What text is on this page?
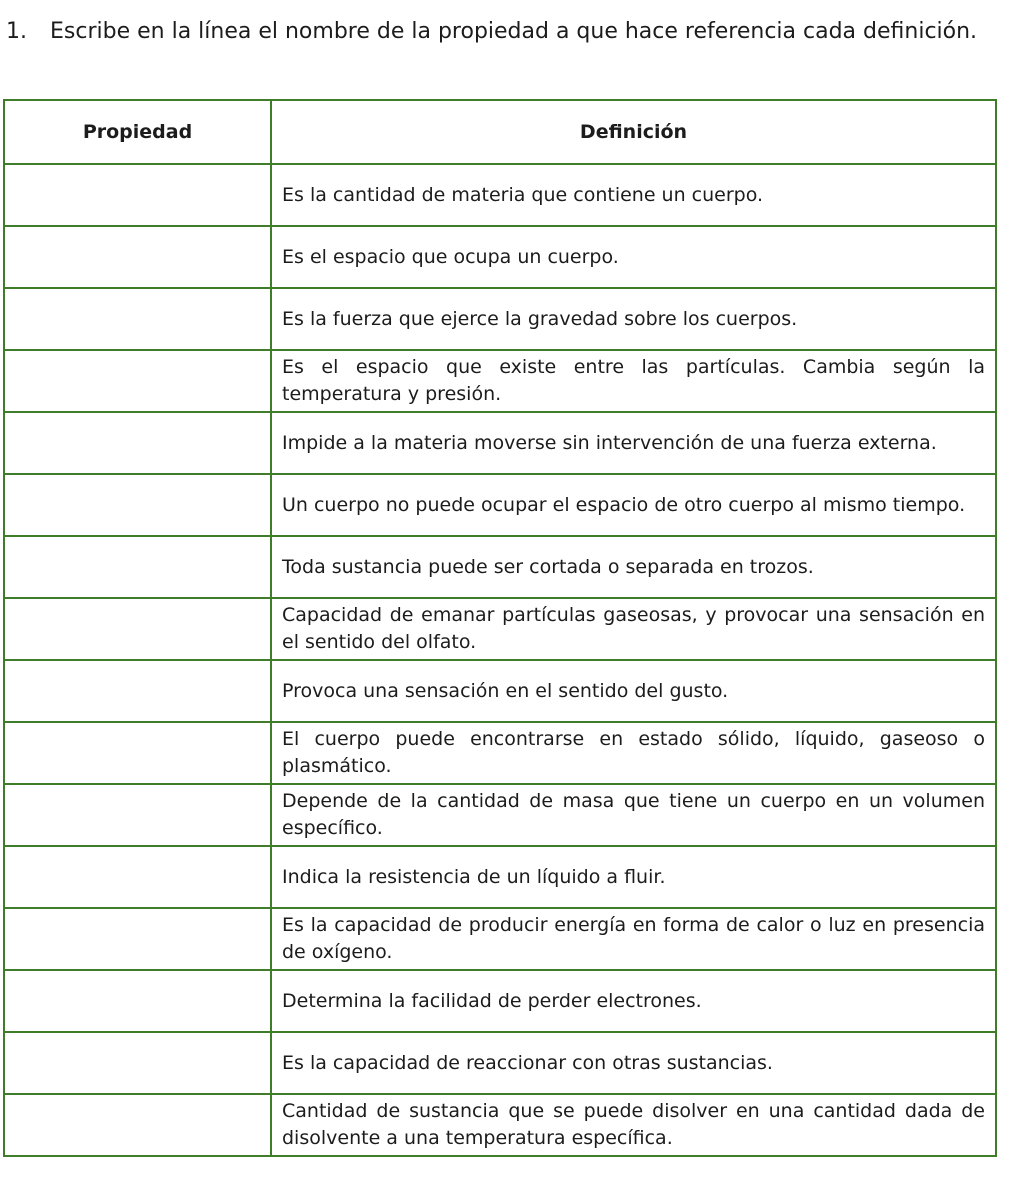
1. Escribe en la línea el nombre de la propiedad a que hace referencia cada definición.
Propiedad	Definición
	Es la cantidad de materia que contiene un cuerpo.
	Es el espacio que ocupa un cuerpo.
	Es la fuerza que ejerce la gravedad sobre los cuerpos.
	Es el espacio que existe entre las partículas. Cambia según la temperatura y presión.
	Impide a la materia moverse sin intervención de una fuerza externa.
	Un cuerpo no puede ocupar el espacio de otro cuerpo al mismo tiempo.
	Toda sustancia puede ser cortada o separada en trozos.
	Capacidad de emanar partículas gaseosas, y provocar una sensación en el sentido del olfato.
	Provoca una sensación en el sentido del gusto.
	El cuerpo puede encontrarse en estado sólido, líquido, gaseoso o plasmático.
	Depende de la cantidad de masa que tiene un cuerpo en un volumen específico.
	Indica la resistencia de un líquido a fluir.
	Es la capacidad de producir energía en forma de calor o luz en presencia de oxígeno.
	Determina la facilidad de perder electrones.
	Es la capacidad de reaccionar con otras sustancias.
	Cantidad de sustancia que se puede disolver en una cantidad dada de disolvente a una temperatura específica.
